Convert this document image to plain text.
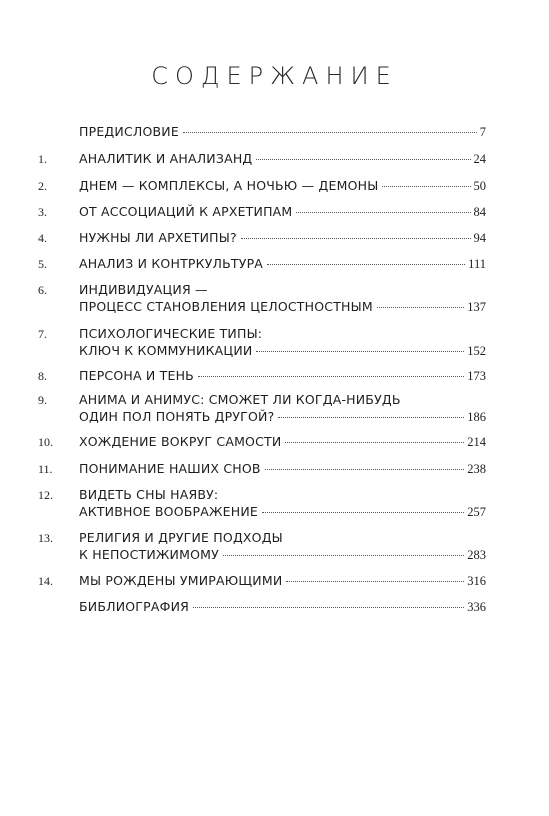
СОДЕРЖАНИЕ
ПРЕДИСЛОВИЕ	7
1.	АНАЛИТИК И АНАЛИЗАНД	24
2.	ДНЕМ — КОМПЛЕКСЫ, А НОЧЬЮ — ДЕМОНЫ	50
3.	ОТ АССОЦИАЦИЙ К АРХЕТИПАМ	84
4.	НУЖНЫ ЛИ АРХЕТИПЫ?	94
5.	АНАЛИЗ И КОНТРКУЛЬТУРА	111
6.	ИНДИВИДУАЦИЯ —
ПРОЦЕСС СТАНОВЛЕНИЯ ЦЕЛОСТНОСТНЫМ	137
7.	ПСИХОЛОГИЧЕСКИЕ ТИПЫ:
КЛЮЧ К КОММУНИКАЦИИ	152
8.	ПЕРСОНА И ТЕНЬ	173
9.	АНИМА И АНИМУС: СМОЖЕТ ЛИ КОГДА-НИБУДЬ
ОДИН ПОЛ ПОНЯТЬ ДРУГОЙ?	186
10. ХОЖДЕНИЕ ВОКРУГ САМОСТИ	214
11. ПОНИМАНИЕ НАШИХ СНОВ	238
12. ВИДЕТЬ СНЫ НАЯВУ:
АКТИВНОЕ ВООБРАЖЕНИЕ	257
13. РЕЛИГИЯ И ДРУГИЕ ПОДХОДЫ
К НЕПОСТИЖИМОМУ	283
14. МЫ РОЖДЕНЫ УМИРАЮЩИМИ	316
БИБЛИОГРАФИЯ	336
